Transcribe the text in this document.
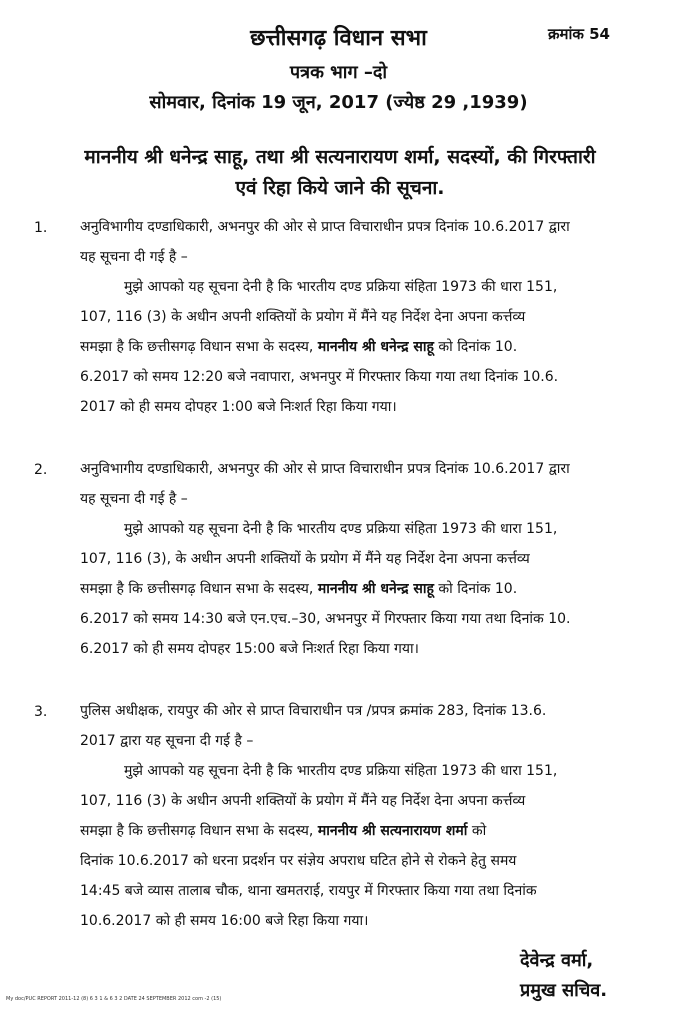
छत्तीसगढ़ विधान सभा	क्रमांक 54
पत्रक भाग –दो
सोमवार, दिनांक 19 जून, 2017 (ज्येष्ठ 29 ,1939)
माननीय श्री धनेन्द्र साहू, तथा श्री सत्यनारायण शर्मा, सदस्यों, की गिरफ्तारी
एवं रिहा किये जाने की सूचना.
1. अनुविभागीय दण्डाधिकारी, अभनपुर की ओर से प्राप्त विचाराधीन प्रपत्र दिनांक 10.6.2017 द्वारा
यह सूचना दी गई है –
मुझे आपको यह सूचना देनी है कि भारतीय दण्ड प्रक्रिया संहिता 1973 की धारा 151,
107, 116 (3) के अधीन अपनी शक्तियों के प्रयोग में मैंने यह निर्देश देना अपना कर्त्तव्य
समझा है कि छत्तीसगढ़ विधान सभा के सदस्य, माननीय श्री धनेन्द्र साहू को दिनांक 10.
6.2017 को समय 12:20 बजे नवापारा, अभनपुर में गिरफ्तार किया गया तथा दिनांक 10.6.
2017 को ही समय दोपहर 1:00 बजे निःशर्त रिहा किया गया।
2. अनुविभागीय दण्डाधिकारी, अभनपुर की ओर से प्राप्त विचाराधीन प्रपत्र दिनांक 10.6.2017 द्वारा
यह सूचना दी गई है –
मुझे आपको यह सूचना देनी है कि भारतीय दण्ड प्रक्रिया संहिता 1973 की धारा 151,
107, 116 (3), के अधीन अपनी शक्तियों के प्रयोग में मैंने यह निर्देश देना अपना कर्त्तव्य
समझा है कि छत्तीसगढ़ विधान सभा के सदस्य, माननीय श्री धनेन्द्र साहू को दिनांक 10.
6.2017 को समय 14:30 बजे एन.एच.–30, अभनपुर में गिरफ्तार किया गया तथा दिनांक 10.
6.2017 को ही समय दोपहर 15:00 बजे निःशर्त रिहा किया गया।
3. पुलिस अधीक्षक, रायपुर की ओर से प्राप्त विचाराधीन पत्र /प्रपत्र क्रमांक 283, दिनांक 13.6.
2017 द्वारा यह सूचना दी गई है –
मुझे आपको यह सूचना देनी है कि भारतीय दण्ड प्रक्रिया संहिता 1973 की धारा 151,
107, 116 (3) के अधीन अपनी शक्तियों के प्रयोग में मैंने यह निर्देश देना अपना कर्त्तव्य
समझा है कि छत्तीसगढ़ विधान सभा के सदस्य, माननीय श्री सत्यनारायण शर्मा को
दिनांक 10.6.2017 को धरना प्रदर्शन पर संज्ञेय अपराध घटित होने से रोकने हेतु समय
14:45 बजे व्यास तालाब चौक, थाना खमतराई, रायपुर में गिरफ्तार किया गया तथा दिनांक
10.6.2017 को ही समय 16:00 बजे रिहा किया गया।
देवेन्द्र वर्मा,
प्रमुख सचिव.
My doc/PUC REPORT 2011-12 (8) 6 3 1 & 6 3 2 DATE 24 SEPTEMBER 2012 com -2 (15)
